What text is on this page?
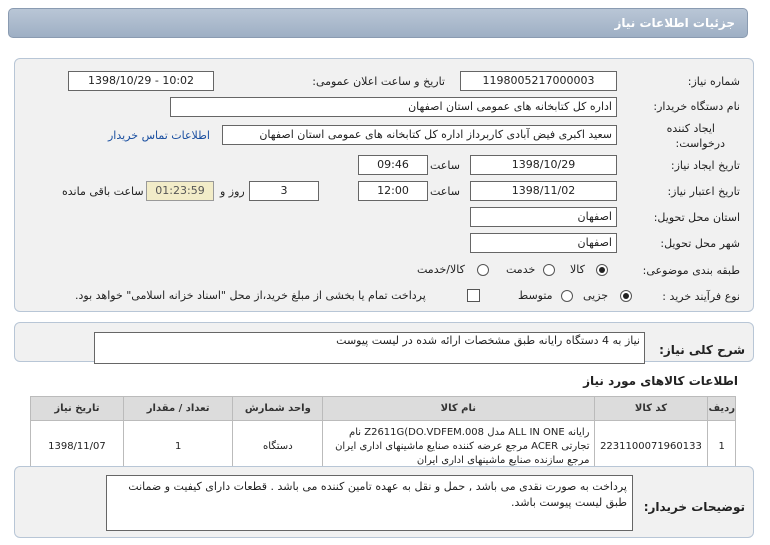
جزئیات اطلاعات نیاز
شماره نیاز:
1198005217000003
تاریخ و ساعت اعلان عمومی:
1398/10/29 - 10:02
نام دستگاه خریدار:
اداره کل کتابخانه های عمومی استان اصفهان
ایجاد کننده
درخواست:
سعید اکبری فیض آبادی کاربرداز اداره کل کتابخانه های عمومی استان اصفهان
اطلاعات تماس خریدار
تاریخ ایجاد نیاز:
1398/10/29
ساعت
09:46
تاریخ اعتبار نیاز:
1398/11/02
ساعت
12:00
3
روز و
01:23:59
ساعت باقی مانده
استان محل تحویل:
اصفهان
شهر محل تحویل:
اصفهان
طبقه بندی موضوعی:
کالا
خدمت
کالا/خدمت
نوع فرآیند خرید :
جزیی
متوسط
پرداخت تمام یا بخشی از مبلغ خرید،از محل "اسناد خزانه اسلامی" خواهد بود.
شرح کلی نیاز:
نیاز به 4 دستگاه رایانه طبق مشخصات ارائه شده در لیست پیوست
اطلاعات کالاهای مورد نیاز
ردیف	کد کالا	نام کالا	واحد شمارش	تعداد / مقدار	تاریخ نیاز
1	2231100071960133	رایانه ALL IN ONE مدل Z2611G(DO.VDFEM.008 نام تجارتی ACER مرجع عرضه کننده صنایع ماشینهای اداری ایران مرجع سازنده صنایع ماشینهای اداری ایران	دستگاه	1	1398/11/07
توضیحات خریدار:
پرداخت به صورت نقدی می باشد , حمل و نقل به عهده تامین کننده می باشد . قطعات دارای کیفیت و ضمانت طبق لیست پیوست باشد.
